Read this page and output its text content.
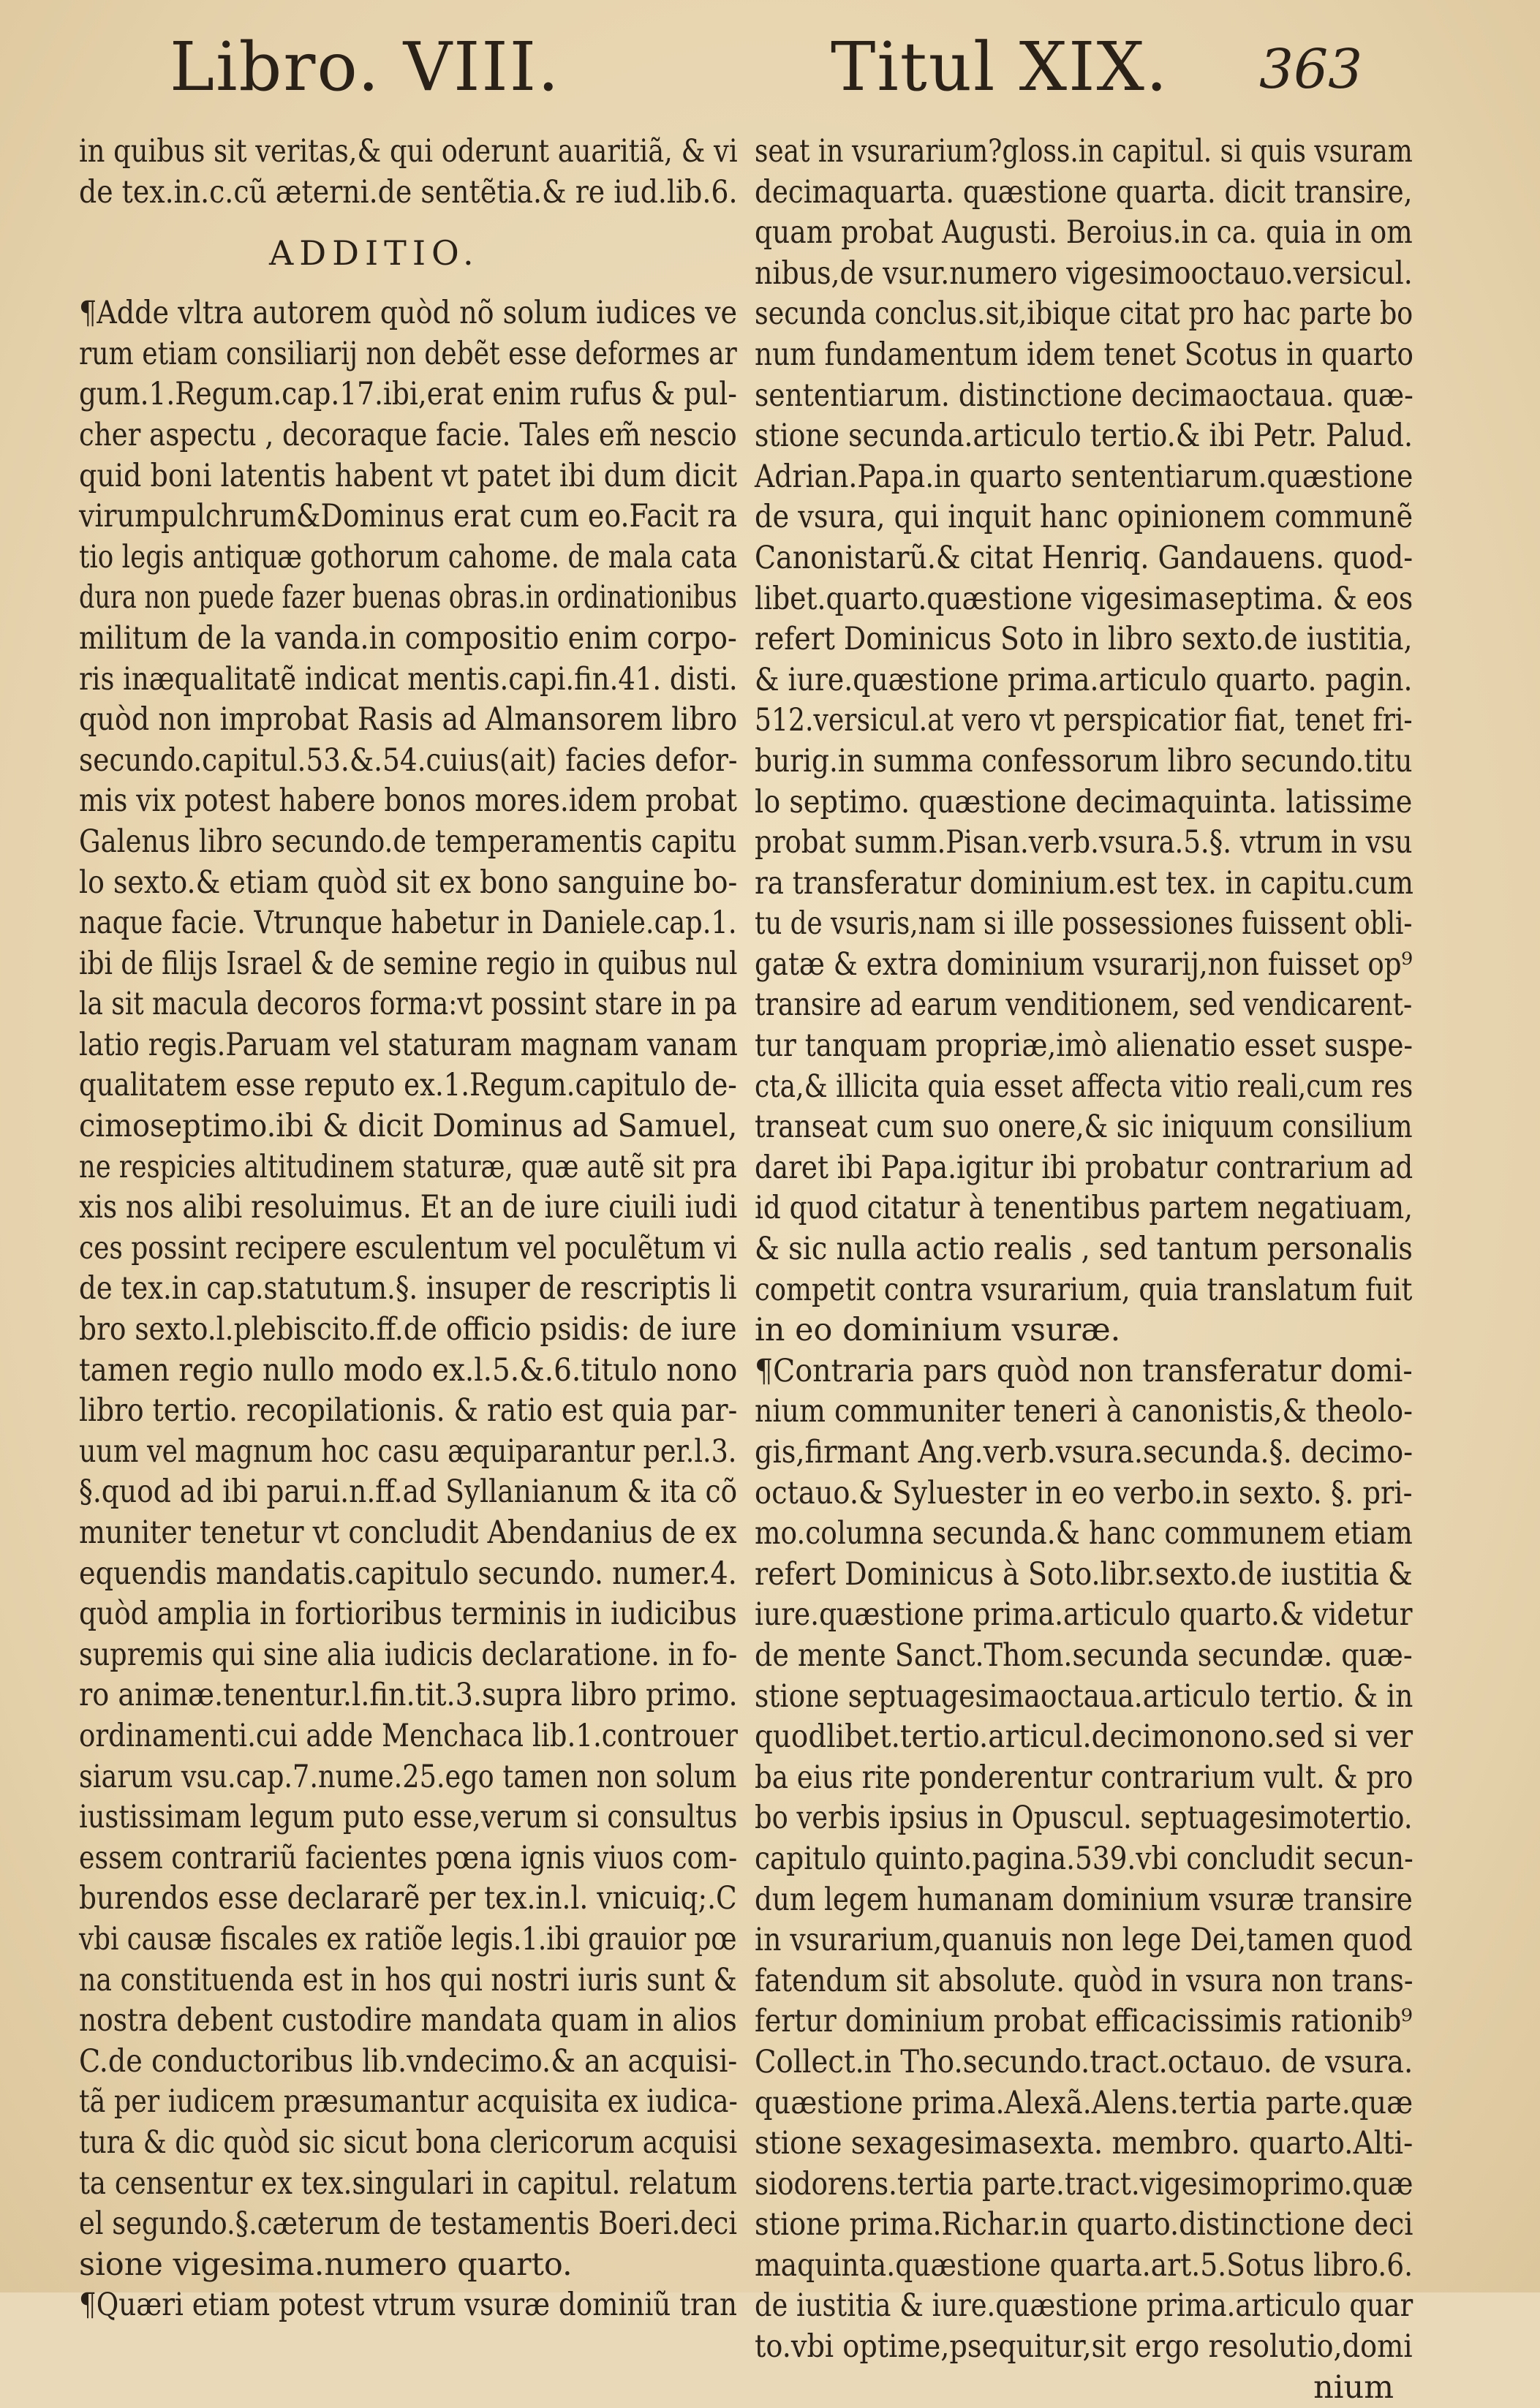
Libro. VIII.	Titul XIX. 363
in quibus sit veritas,& qui oderunt auaritiã, & vi
de tex.in.c.cũ æterni.de sentẽtia.& re iud.lib.6.
ADDITIO.
¶Adde vltra autorem quòd nõ solum iudices ve
rum etiam consiliarij non debẽt esse deformes ar
gum.1.Regum.cap.17.ibi,erat enim rufus & pul-
cher aspectu , decoraque facie. Tales em̃ nescio
quid boni latentis habent vt patet ibi dum dicit
virumpulchrum&Dominus erat cum eo.Facit ra
tio legis antiquæ gothorum cahome. de mala cata
dura non puede fazer buenas obras.in ordinationibus
militum de la vanda.in compositio enim corpo-
ris inæqualitatẽ indicat mentis.capi.fin.41. disti.
quòd non improbat Rasis ad Almansorem libro
secundo.capitul.53.&.54.cuius(ait) facies defor-
mis vix potest habere bonos mores.idem probat
Galenus libro secundo.de temperamentis capitu
lo sexto.& etiam quòd sit ex bono sanguine bo-
naque facie. Vtrunque habetur in Daniele.cap.1.
ibi de filijs Israel & de semine regio in quibus nul
la sit macula decoros forma:vt possint stare in pa
latio regis.Paruam vel staturam magnam vanam
qualitatem esse reputo ex.1.Regum.capitulo de-
cimoseptimo.ibi & dicit Dominus ad Samuel,
ne respicies altitudinem staturæ, quæ autẽ sit pra
xis nos alibi resoluimus. Et an de iure ciuili iudi
ces possint recipere esculentum vel poculẽtum vi
de tex.in cap.statutum.§. insuper de rescriptis li
bro sexto.l.plebiscito.ff.de officio psidis: de iure
tamen regio nullo modo ex.l.5.&.6.titulo nono
libro tertio. recopilationis. & ratio est quia par-
uum vel magnum hoc casu æquiparantur per.l.3.
§.quod ad ibi parui.n.ff.ad Syllanianum & ita cõ
muniter tenetur vt concludit Abendanius de ex
equendis mandatis.capitulo secundo. numer.4.
quòd amplia in fortioribus terminis in iudicibus
supremis qui sine alia iudicis declaratione. in fo-
ro animæ.tenentur.l.fin.tit.3.supra libro primo.
ordinamenti.cui adde Menchaca lib.1.controuer
siarum vsu.cap.7.nume.25.ego tamen non solum
iustissimam legum puto esse,verum si consultus
essem contrariũ facientes pœna ignis viuos com-
burendos esse declararẽ per tex.in.l. vnicuiq;.C
vbi causæ fiscales ex ratiõe legis.1.ibi grauior pœ
na constituenda est in hos qui nostri iuris sunt &
nostra debent custodire mandata quam in alios
C.de conductoribus lib.vndecimo.& an acquisi-
tã per iudicem præsumantur acquisita ex iudica-
tura & dic quòd sic sicut bona clericorum acquisi
ta censentur ex tex.singulari in capitul. relatum
el segundo.§.cæterum de testamentis Boeri.deci
sione vigesima.numero quarto.
¶Quæri etiam potest vtrum vsuræ dominiũ tran
seat in vsurarium?gloss.in capitul. si quis vsuram
decimaquarta. quæstione quarta. dicit transire,
quam probat Augusti. Beroius.in ca. quia in om
nibus,de vsur.numero vigesimooctauo.versicul.
secunda conclus.sit,ibique citat pro hac parte bo
num fundamentum idem tenet Scotus in quarto
sententiarum. distinctione decimaoctaua. quæ-
stione secunda.articulo tertio.& ibi Petr. Palud.
Adrian.Papa.in quarto sententiarum.quæstione
de vsura, qui inquit hanc opinionem communẽ
Canonistarũ.& citat Henriq. Gandauens. quod-
libet.quarto.quæstione vigesimaseptima. & eos
refert Dominicus Soto in libro sexto.de iustitia,
& iure.quæstione prima.articulo quarto. pagin.
512.versicul.at vero vt perspicatior fiat, tenet fri-
burig.in summa confessorum libro secundo.titu
lo septimo. quæstione decimaquinta. latissime
probat summ.Pisan.verb.vsura.5.§. vtrum in vsu
ra transferatur dominium.est tex. in capitu.cum
tu de vsuris,nam si ille possessiones fuissent obli-
gatæ & extra dominium vsurarij,non fuisset op⁹
transire ad earum venditionem, sed vendicarent-
tur tanquam propriæ,imò alienatio esset suspe-
cta,& illicita quia esset affecta vitio reali,cum res
transeat cum suo onere,& sic iniquum consilium
daret ibi Papa.igitur ibi probatur contrarium ad
id quod citatur à tenentibus partem negatiuam,
& sic nulla actio realis , sed tantum personalis
competit contra vsurarium, quia translatum fuit
in eo dominium vsuræ.
¶Contraria pars quòd non transferatur domi-
nium communiter teneri à canonistis,& theolo-
gis,firmant Ang.verb.vsura.secunda.§. decimo-
octauo.& Syluester in eo verbo.in sexto. §. pri-
mo.columna secunda.& hanc communem etiam
refert Dominicus à Soto.libr.sexto.de iustitia &
iure.quæstione prima.articulo quarto.& videtur
de mente Sanct.Thom.secunda secundæ. quæ-
stione septuagesimaoctaua.articulo tertio. & in
quodlibet.tertio.articul.decimonono.sed si ver
ba eius rite ponderentur contrarium vult. & pro
bo verbis ipsius in Opuscul. septuagesimotertio.
capitulo quinto.pagina.539.vbi concludit secun-
dum legem humanam dominium vsuræ transire
in vsurarium,quanuis non lege Dei,tamen quod
fatendum sit absolute. quòd in vsura non trans-
fertur dominium probat efficacissimis rationib⁹
Collect.in Tho.secundo.tract.octauo. de vsura.
quæstione prima.Alexã.Alens.tertia parte.quæ
stione sexagesimasexta. membro. quarto.Alti-
siodorens.tertia parte.tract.vigesimoprimo.quæ
stione prima.Richar.in quarto.distinctione deci
maquinta.quæstione quarta.art.5.Sotus libro.6.
de iustitia & iure.quæstione prima.articulo quar
to.vbi optime,psequitur,sit ergo resolutio,domi
nium
